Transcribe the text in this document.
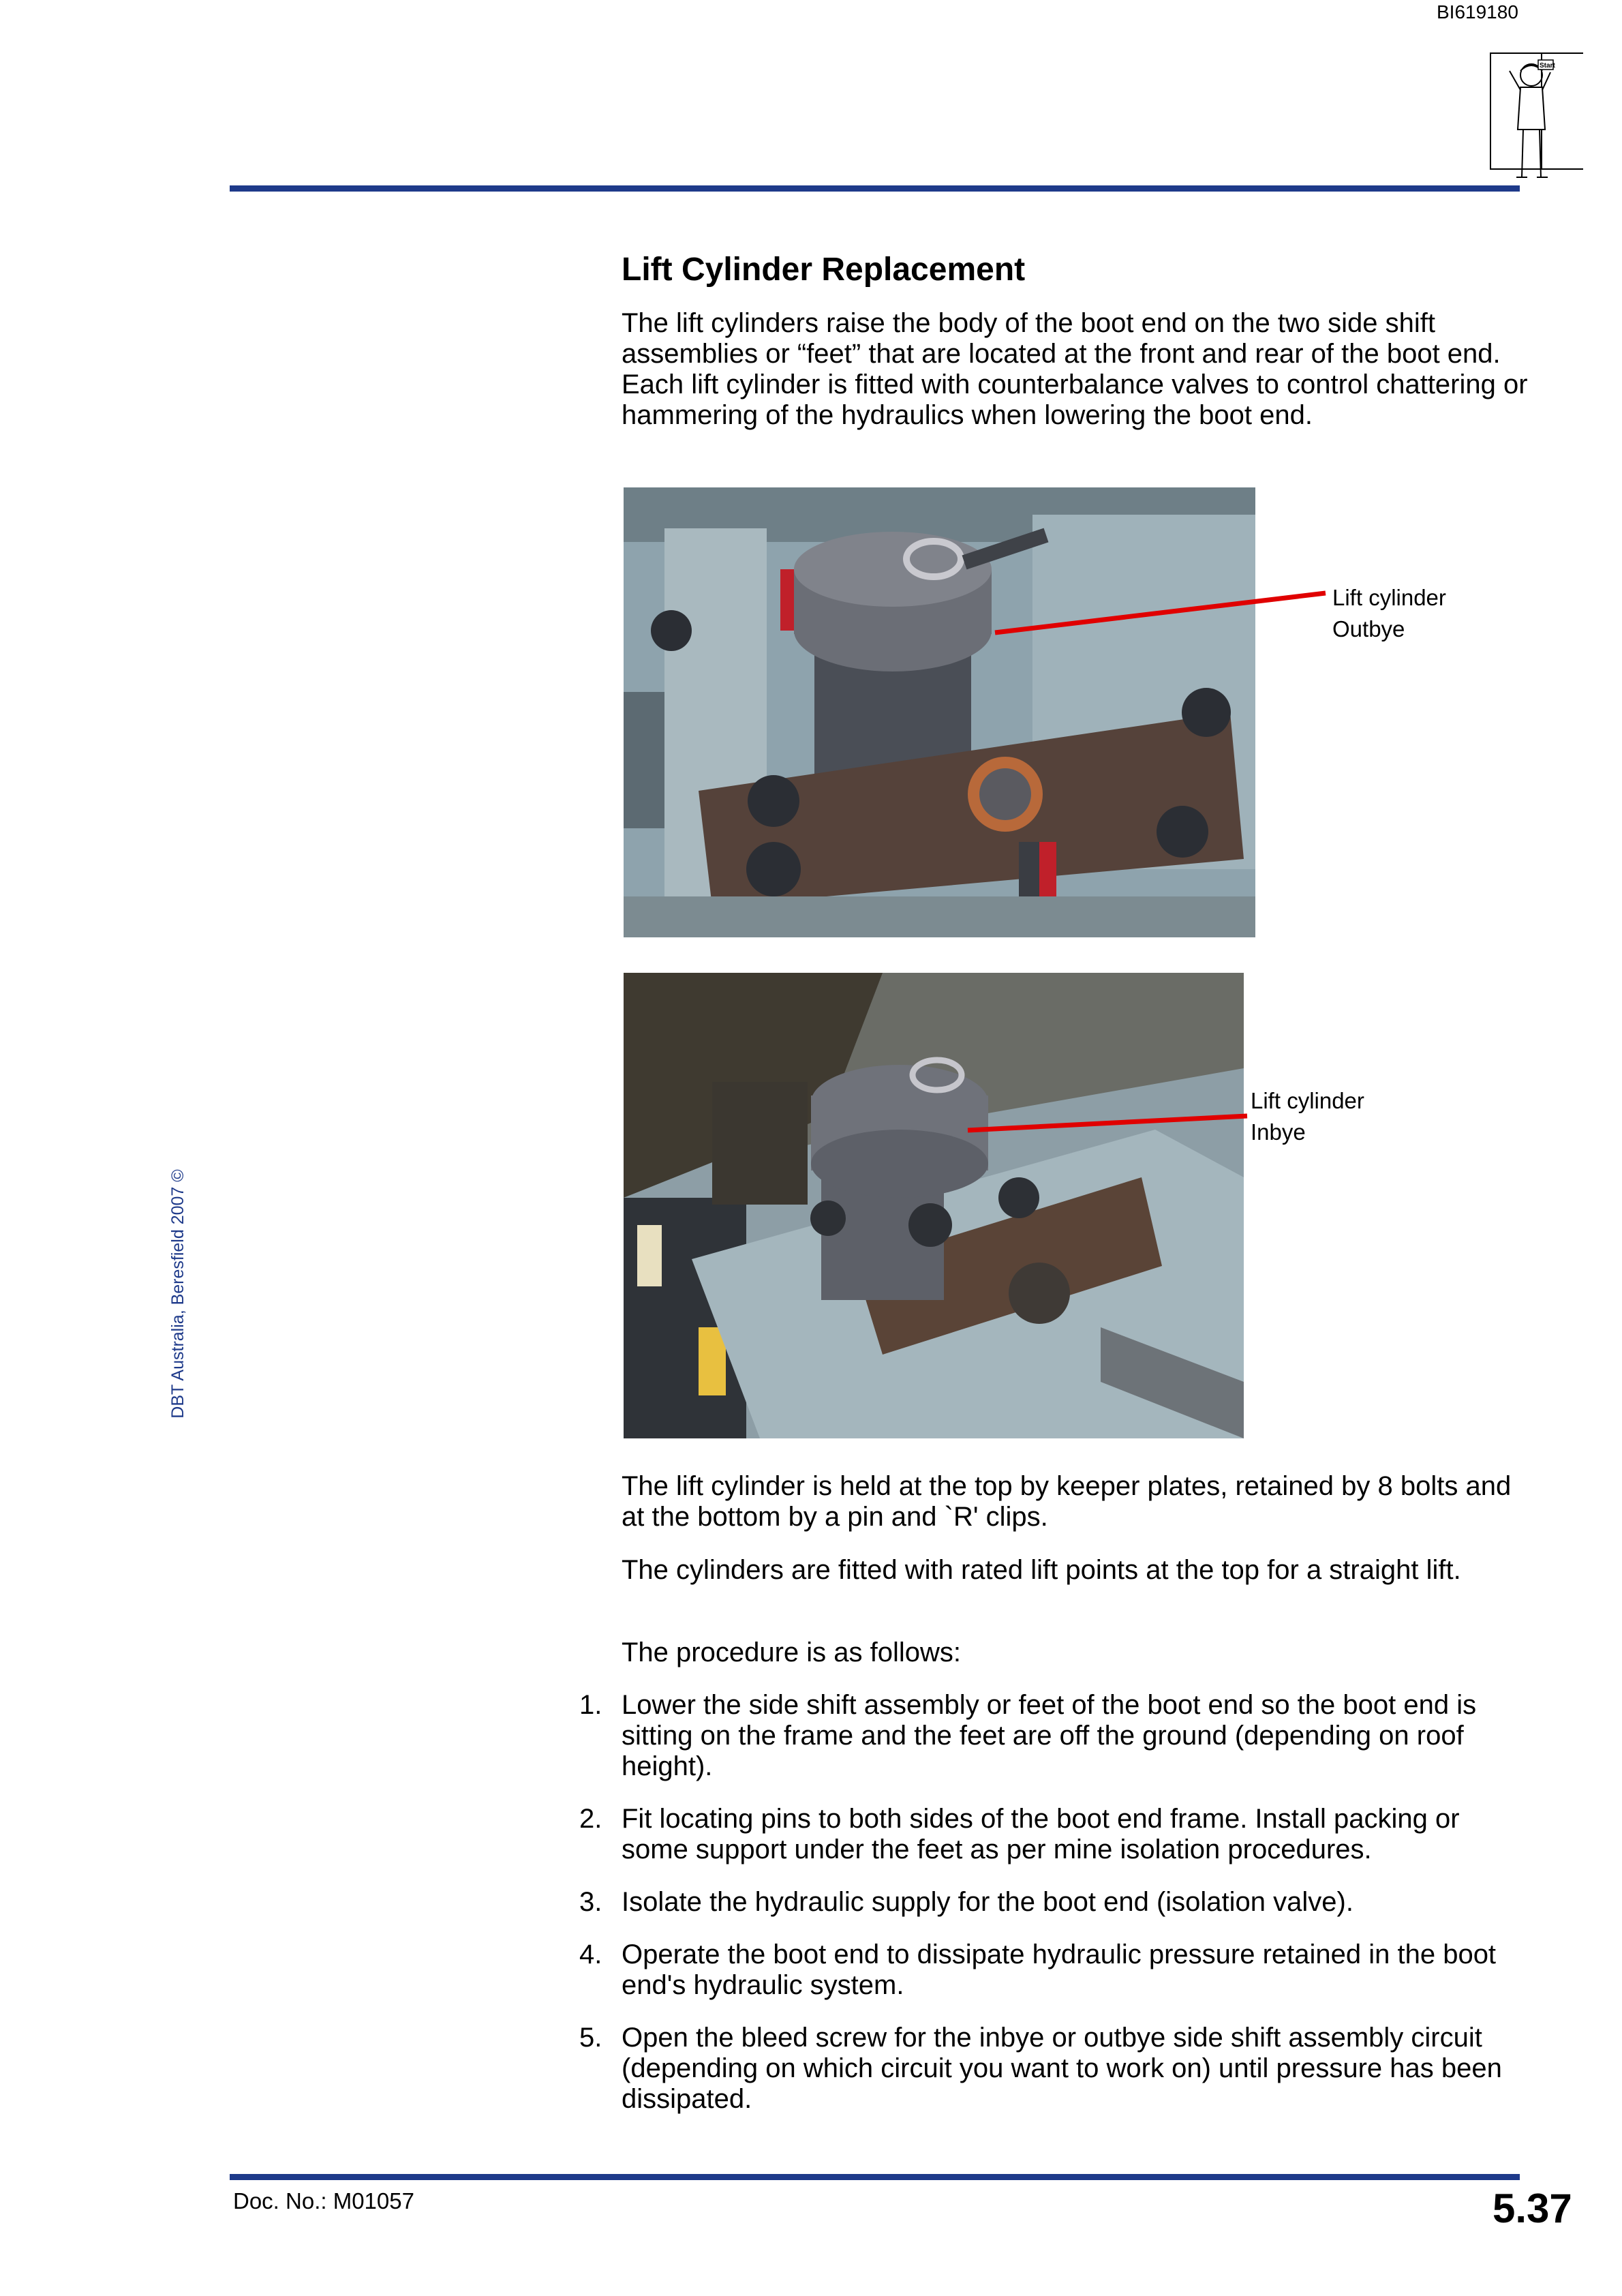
BI619180
Start
DBT Australia, Beresfield 2007 ©
Lift Cylinder Replacement

The lift cylinders raise the body of the boot end on the two side shift assemblies or “feet” that are located at the front and rear of the boot end. Each lift cylinder is fitted with counterbalance valves to control chattering or hammering of the hydraulics when lowering the boot end.

Lift cylinder
Outbye
Lift cylinder
Inbye

The lift cylinder is held at the top by keeper plates, retained by 8 bolts and at the bottom by a pin and `R' clips.

The cylinders are fitted with rated lift points at the top for a straight lift.

The procedure is as follows:

1. Lower the side shift assembly or feet of the boot end so the boot end is sitting on the frame and the feet are off the ground (depending on roof height).
2. Fit locating pins to both sides of the boot end frame. Install packing or some support under the feet as per mine isolation procedures.
3. Isolate the hydraulic supply for the boot end (isolation valve).
4. Operate the boot end to dissipate hydraulic pressure retained in the boot end's hydraulic system.
5. Open the bleed screw for the inbye or outbye side shift assembly circuit (depending on which circuit you want to work on) until pressure has been dissipated.
Doc. No.: M01057	5.37
